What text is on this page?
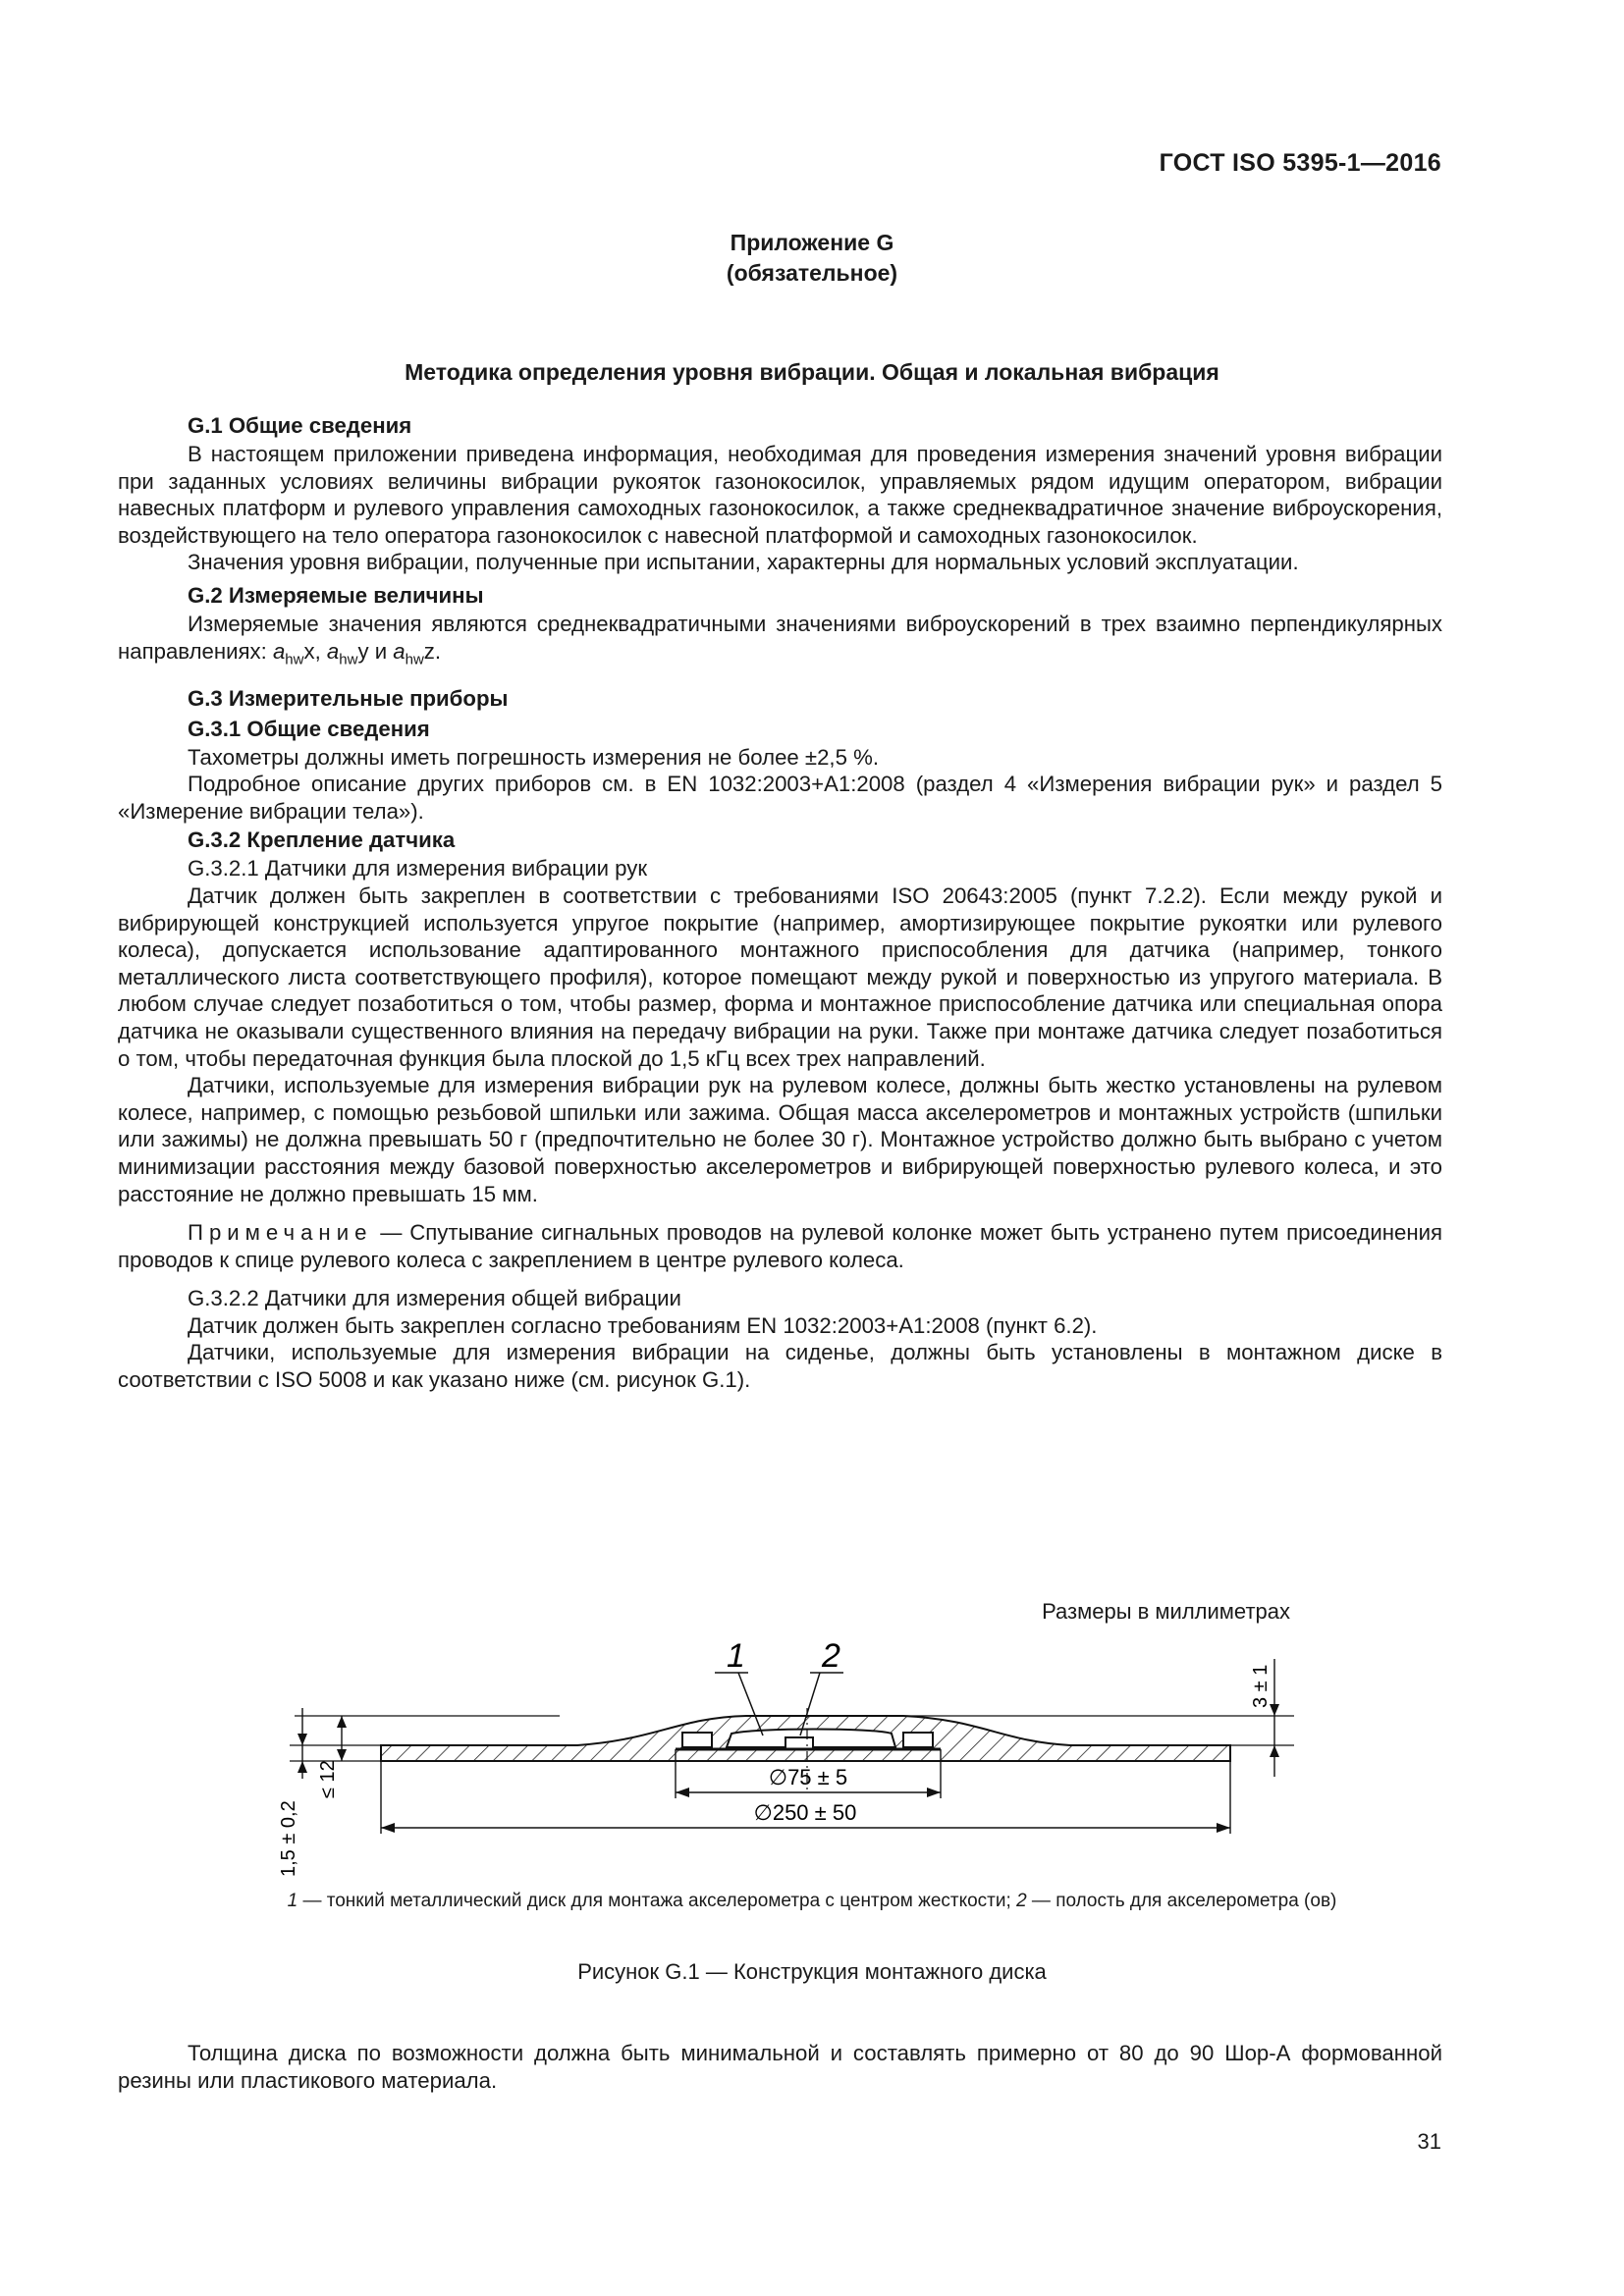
ГОСТ ISO 5395-1—2016
Приложение G
(обязательное)
Методика определения уровня вибрации. Общая и локальная вибрация
G.1 Общие сведения

В настоящем приложении приведена информация, необходимая для проведения измерения значений уровня вибрации при заданных условиях величины вибрации рукояток газонокосилок, управляемых рядом идущим оператором, вибрации навесных платформ и рулевого управления самоходных газонокосилок, а также среднеквадратичное значение виброускорения, воздействующего на тело оператора газонокосилок с навесной платформой и самоходных газонокосилок.

Значения уровня вибрации, полученные при испытании, характерны для нормальных условий эксплуатации.

G.2 Измеряемые величины

Измеряемые значения являются среднеквадратичными значениями виброускорений в трех взаимно перпендикулярных направлениях: $a_{hw}x$, $a_{hw}y$ и $a_{hw}z$.

G.3 Измерительные приборы
G.3.1 Общие сведения

Тахометры должны иметь погрешность измерения не более ±2,5 %.

Подробное описание других приборов см. в EN 1032:2003+A1:2008 (раздел 4 «Измерения вибрации рук» и раздел 5 «Измерение вибрации тела»).

G.3.2 Крепление датчика

G.3.2.1 Датчики для измерения вибрации рук

Датчик должен быть закреплен в соответствии с требованиями ISO 20643:2005 (пункт 7.2.2). Если между рукой и вибрирующей конструкцией используется упругое покрытие (например, амортизирующее покрытие рукоятки или рулевого колеса), допускается использование адаптированного монтажного приспособления для датчика (например, тонкого металлического листа соответствующего профиля), которое помещают между рукой и поверхностью из упругого материала. В любом случае следует позаботиться о том, чтобы размер, форма и монтажное приспособление датчика или специальная опора датчика не оказывали существенного влияния на передачу вибрации на руки. Также при монтаже датчика следует позаботиться о том, чтобы передаточная функция была плоской до 1,5 кГц всех трех направлений.

Датчики, используемые для измерения вибрации рук на рулевом колесе, должны быть жестко установлены на рулевом колесе, например, с помощью резьбовой шпильки или зажима. Общая масса акселерометров и монтажных устройств (шпильки или зажимы) не должна превышать 50 г (предпочтительно не более 30 г). Монтажное устройство должно быть выбрано с учетом минимизации расстояния между базовой поверхностью акселерометров и вибрирующей поверхностью рулевого колеса, и это расстояние не должно превышать 15 мм.

Примечание — Спутывание сигнальных проводов на рулевой колонке может быть устранено путем присоединения проводов к спице рулевого колеса с закреплением в центре рулевого колеса.

G.3.2.2 Датчики для измерения общей вибрации

Датчик должен быть закреплен согласно требованиям EN 1032:2003+A1:2008 (пункт 6.2).

Датчики, используемые для измерения вибрации на сиденье, должны быть установлены в монтажном диске в соответствии с ISO 5008 и как указано ниже (см. рисунок G.1).

Размеры в миллиметрах
1 2
∅75 ± 5
∅250 ± 50
≤ 12
1,5 ± 0,2
3 ± 1
1 — тонкий металлический диск для монтажа акселерометра с центром жесткости; 2 — полость для акселерометра (ов)
Рисунок G.1 — Конструкция монтажного диска

Толщина диска по возможности должна быть минимальной и составлять примерно от 80 до 90 Шор-А формованной резины или пластикового материала.

31
